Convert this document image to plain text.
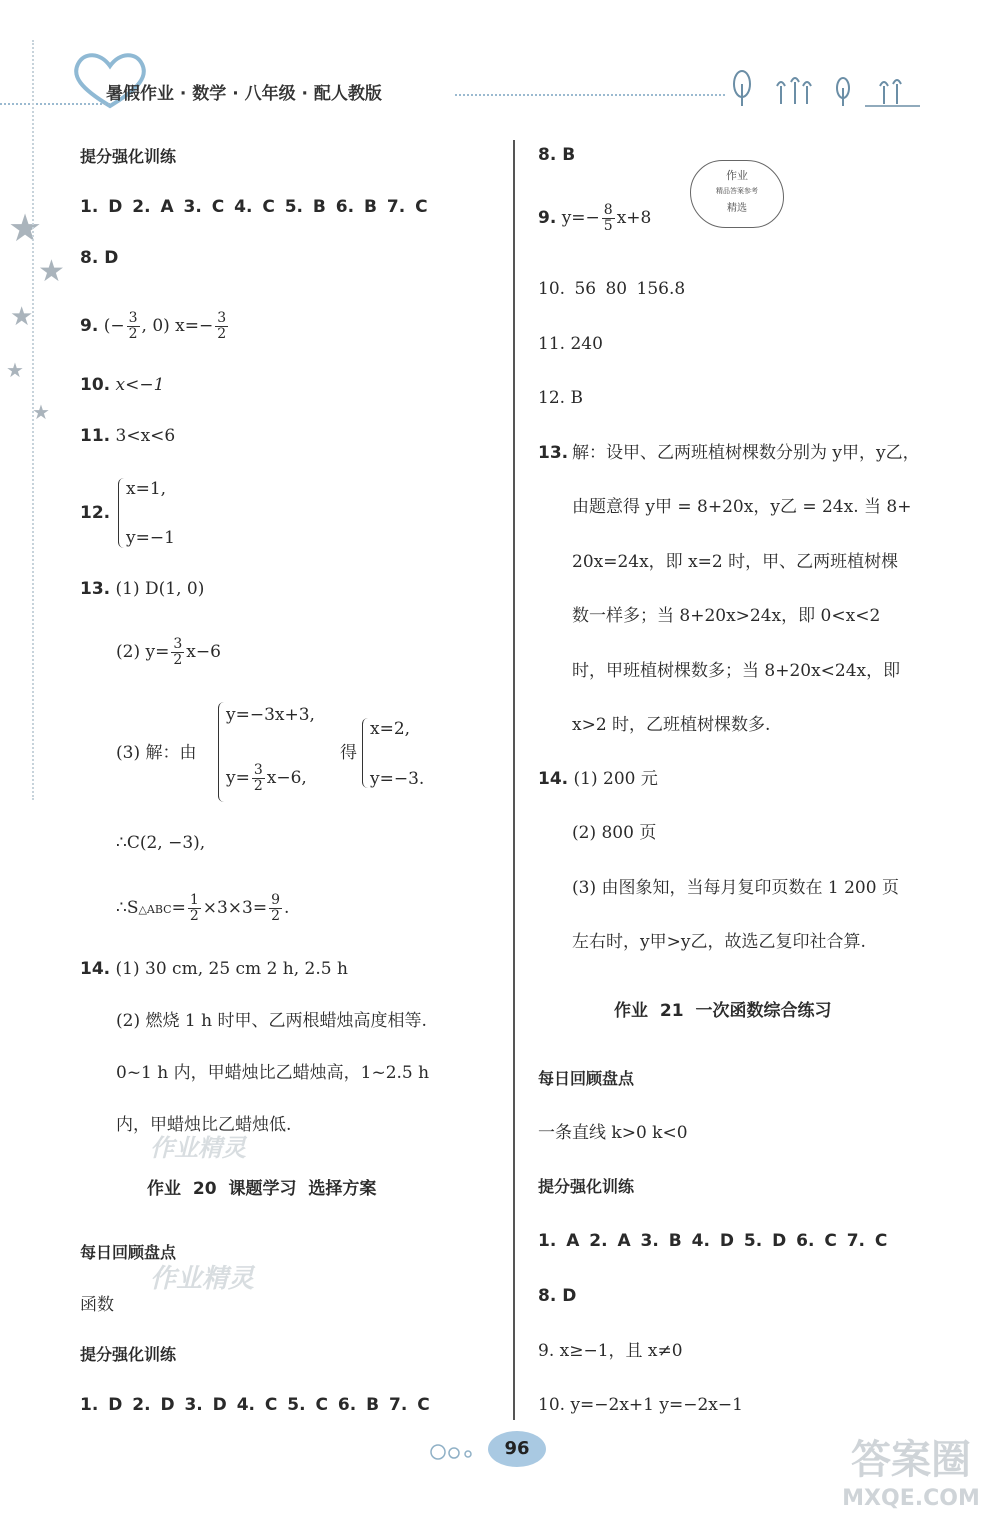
暑假作业 · 数学 · 八年级 · 配人教版
★
★
★
★
★
提分强化训练
1. D 2. A 3. C 4. C 5. B 6. B 7. C
8. D
9. (− $\frac{3}{2}$ , 0) $x=- \frac{3}{2}$
10. x<−1
11. 3<x<6
12.
x=1,
y=−1
13. (1) D(1, 0)
(2) $y= \frac{3}{2} x-6$
(3) 解：由
y=−3x+3,
$y= \frac{3}{2} x-6$,
得
x=2,
y=−3.
∴C(2, −3),
∴S△ABC= $\frac{1}{2} \times 3\times 3= \frac{9}{2}$ .
14. (1) 30 cm, 25 cm 2 h, 2.5 h
(2) 燃烧 1 h 时甲、乙两根蜡烛高度相等.
0~1 h 内，甲蜡烛比乙蜡烛高，1~2.5 h
内，甲蜡烛比乙蜡烛低.
作业精灵
作业 20 课题学习 选择方案
每日回顾盘点
作业精灵
函数
提分强化训练
1. D 2. D 3. D 4. C 5. C 6. B 7. C
8. B
作业
精品答案参考
精选
9. $y=- \frac{8}{5} x+8$
10. 56 80 156.8
11. 240
12. B
13. 解：设甲、乙两班植树棵数分别为 y甲，y乙，
由题意得 y甲 = 8+20x，y乙 = 24x. 当 8+
20x=24x，即 x=2 时，甲、乙两班植树棵
数一样多；当 8+20x>24x，即 0<x<2
时，甲班植树棵数多；当 8+20x<24x，即
x>2 时，乙班植树棵数多.
14. (1) 200 元
(2) 800 页
(3) 由图象知，当每月复印页数在 1 200 页
左右时，y甲>y乙，故选乙复印社合算.
作业 21 一次函数综合练习
每日回顾盘点
一条直线 k>0 k<0
提分强化训练
1. A 2. A 3. B 4. D 5. D 6. C 7. C
8. D
9. x≥−1，且 x≠0
10. y=−2x+1 y=−2x−1
96	答案圈
MXQE.COM
